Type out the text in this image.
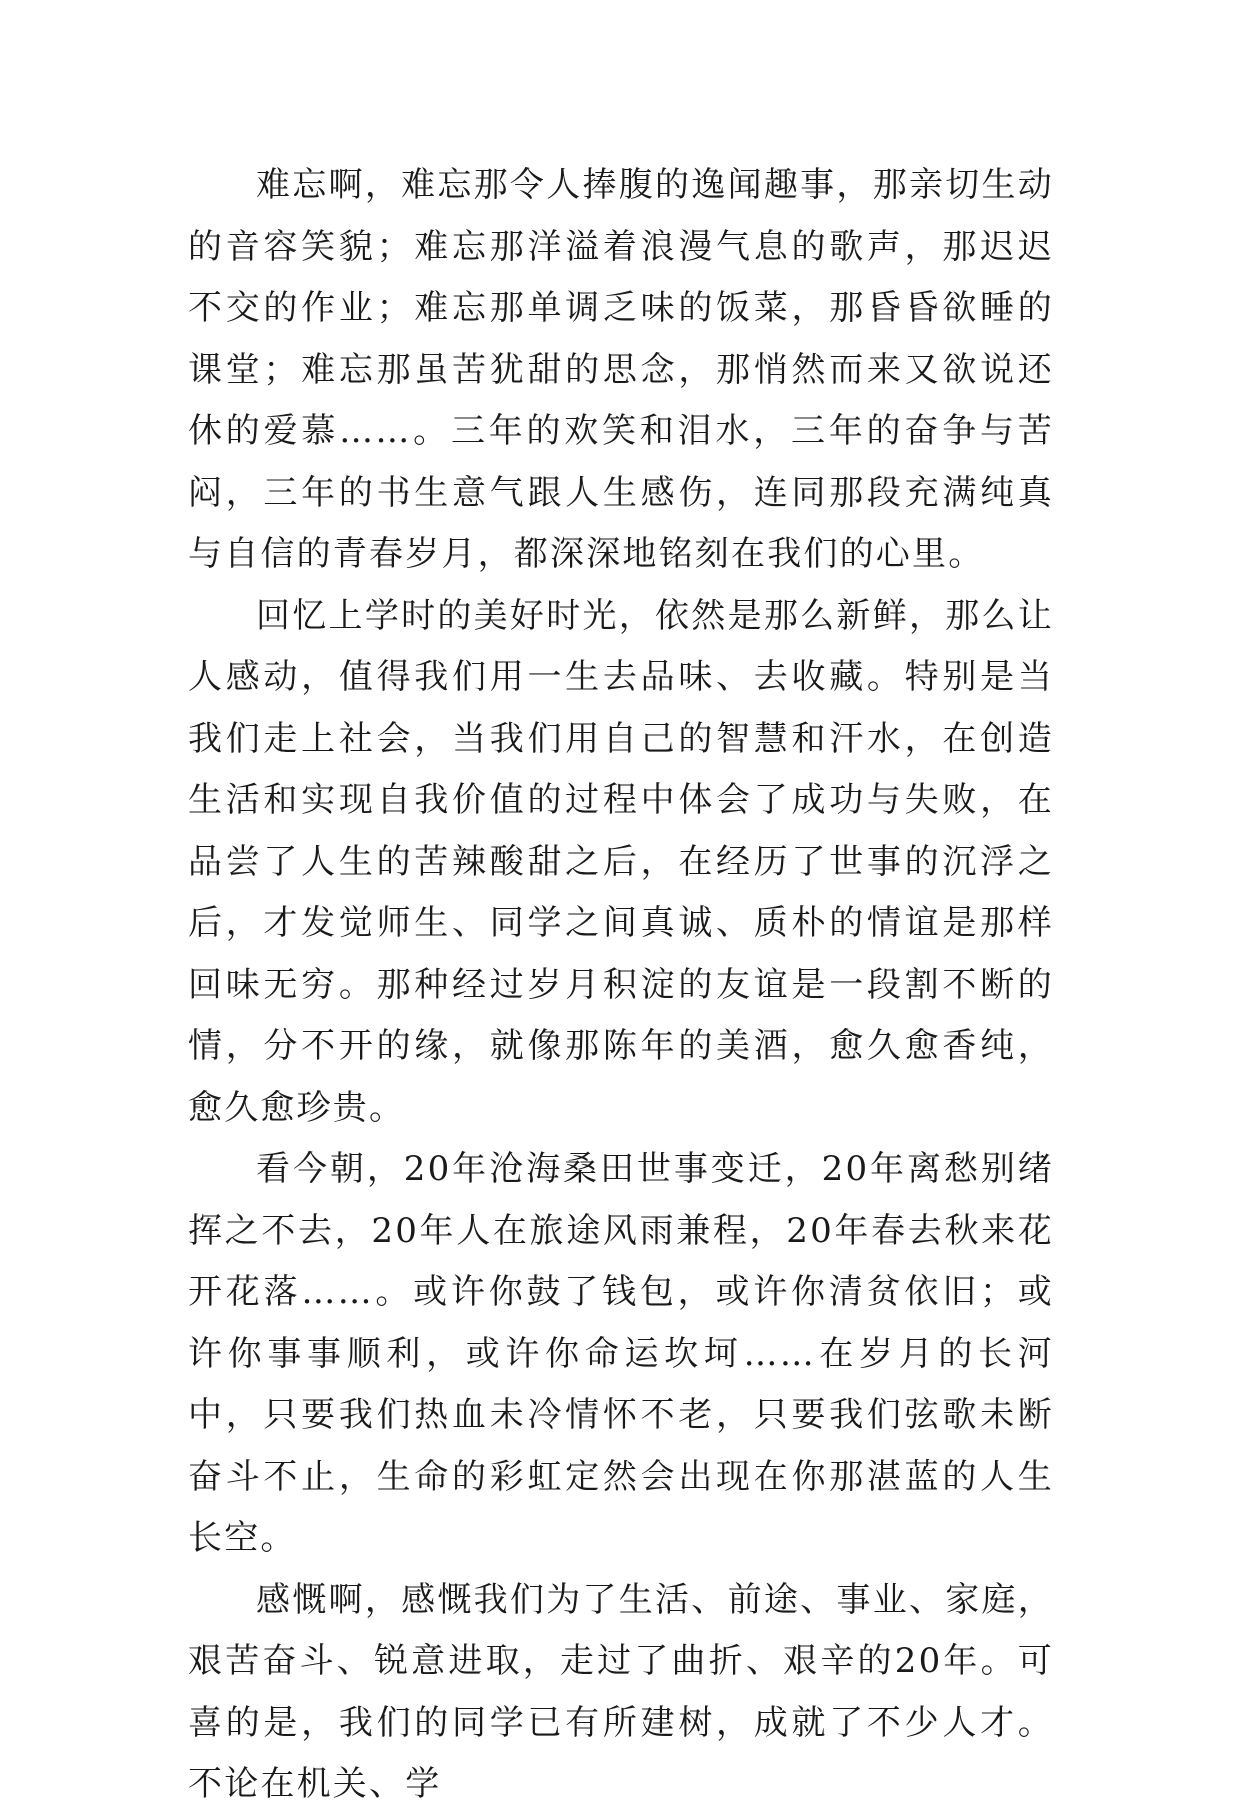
难忘啊，难忘那令人捧腹的逸闻趣事，那亲切生动的音容笑貌；难忘那洋溢着浪漫气息的歌声，那迟迟不交的作业；难忘那单调乏味的饭菜，那昏昏欲睡的课堂；难忘那虽苦犹甜的思念，那悄然而来又欲说还休的爱慕……。三年的欢笑和泪水，三年的奋争与苦闷，三年的书生意气跟人生感伤，连同那段充满纯真与自信的青春岁月，都深深地铭刻在我们的心里。

回忆上学时的美好时光，依然是那么新鲜，那么让人感动，值得我们用一生去品味、去收藏。特别是当我们走上社会，当我们用自己的智慧和汗水，在创造生活和实现自我价值的过程中体会了成功与失败，在品尝了人生的苦辣酸甜之后，在经历了世事的沉浮之后，才发觉师生、同学之间真诚、质朴的情谊是那样回味无穷。那种经过岁月积淀的友谊是一段割不断的情，分不开的缘，就像那陈年的美酒，愈久愈香纯，愈久愈珍贵。

看今朝，20年沧海桑田世事变迁，20年离愁别绪挥之不去，20年人在旅途风雨兼程，20年春去秋来花开花落……。或许你鼓了钱包，或许你清贫依旧；或许你事事顺利，或许你命运坎坷……在岁月的长河中，只要我们热血未冷情怀不老，只要我们弦歌未断奋斗不止，生命的彩虹定然会出现在你那湛蓝的人生长空。

感慨啊，感慨我们为了生活、前途、事业、家庭，艰苦奋斗、锐意进取，走过了曲折、艰辛的20年。可喜的是，我们的同学已有所建树，成就了不少人才。不论在机关、学
